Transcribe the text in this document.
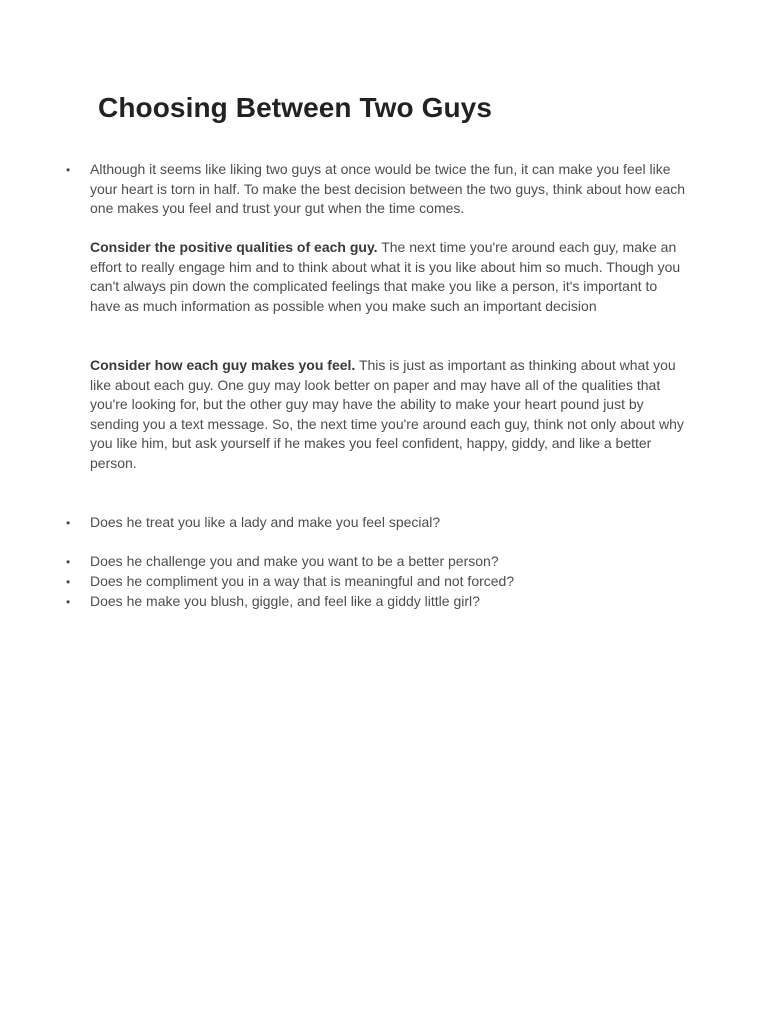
Choosing Between Two Guys
• Although it seems like liking two guys at once would be twice the fun, it can make you feel like your heart is torn in half. To make the best decision between the two guys, think about how each one makes you feel and trust your gut when the time comes.
Consider the positive qualities of each guy. The next time you're around each guy, make an effort to really engage him and to think about what it is you like about him so much. Though you can't always pin down the complicated feelings that make you like a person, it's important to have as much information as possible when you make such an important decision
Consider how each guy makes you feel. This is just as important as thinking about what you like about each guy. One guy may look better on paper and may have all of the qualities that you're looking for, but the other guy may have the ability to make your heart pound just by sending you a text message. So, the next time you're around each guy, think not only about why you like him, but ask yourself if he makes you feel confident, happy, giddy, and like a better person.
• Does he treat you like a lady and make you feel special?
• Does he challenge you and make you want to be a better person?
• Does he compliment you in a way that is meaningful and not forced?
• Does he make you blush, giggle, and feel like a giddy little girl?
